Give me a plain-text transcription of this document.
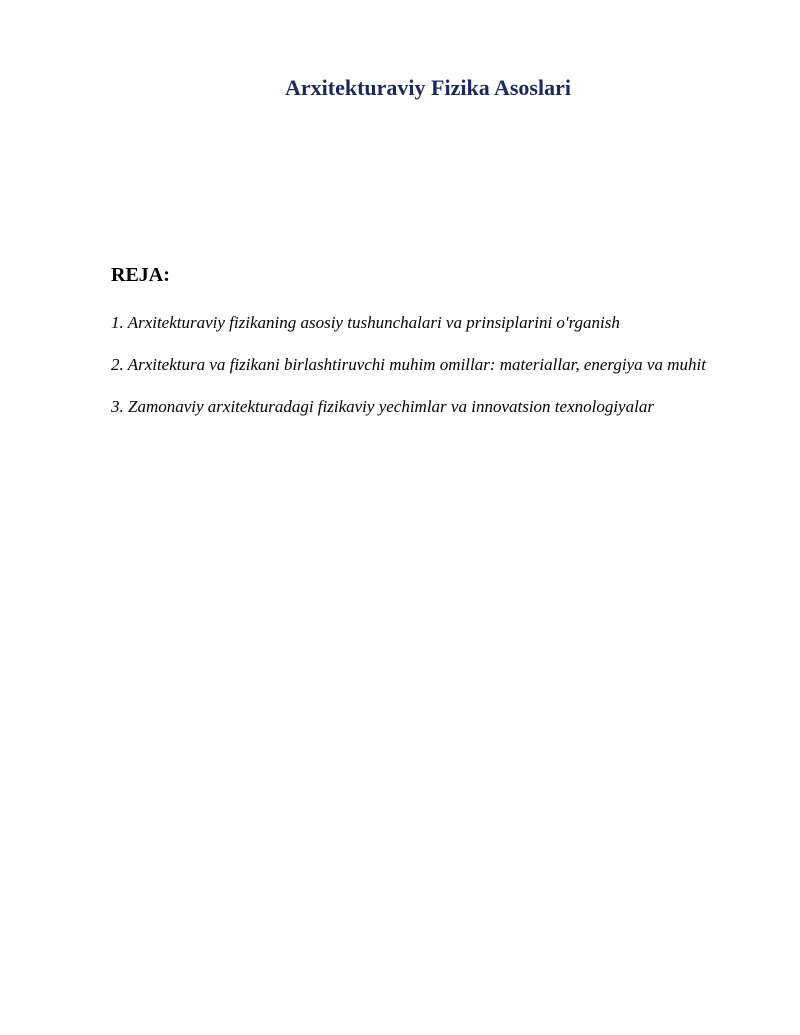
Arxitekturaviy Fizika Asoslari
REJA:
1. Arxitekturaviy fizikaning asosiy tushunchalari va prinsiplarini o'rganish
2. Arxitektura va fizikani birlashtiruvchi muhim omillar: materiallar, energiya va muhit
3. Zamonaviy arxitekturadagi fizikaviy yechimlar va innovatsion texnologiyalar
